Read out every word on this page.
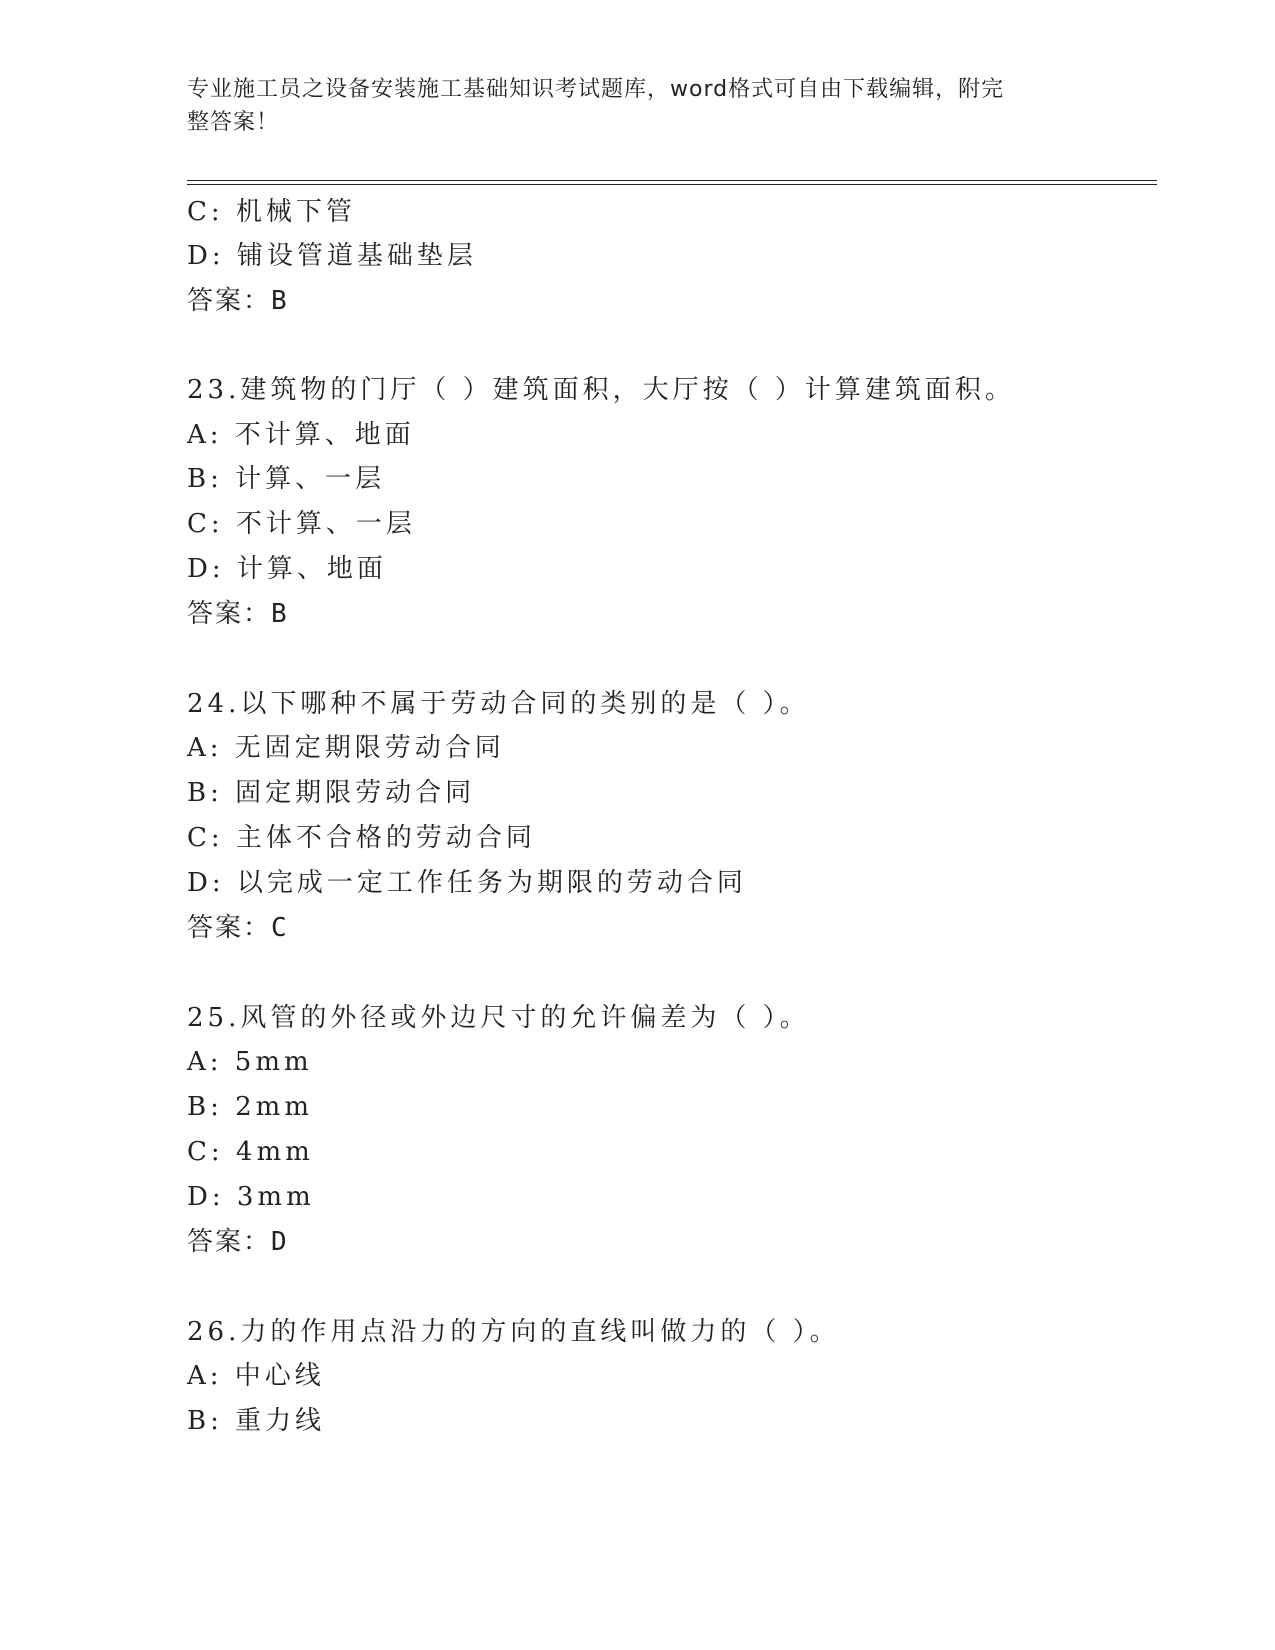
专业施工员之设备安装施工基础知识考试题库，word格式可自由下载编辑，附完
整答案！
C: 机械下管
D: 铺设管道基础垫层
答案：B
23.建筑物的门厅（ ）建筑面积，大厅按（ ）计算建筑面积。
A: 不计算、地面
B: 计算、一层
C: 不计算、一层
D: 计算、地面
答案：B
24.以下哪种不属于劳动合同的类别的是（ ）。
A: 无固定期限劳动合同
B: 固定期限劳动合同
C: 主体不合格的劳动合同
D: 以完成一定工作任务为期限的劳动合同
答案：C
25.风管的外径或外边尺寸的允许偏差为（ ）。
A: 5mm
B: 2mm
C: 4mm
D: 3mm
答案：D
26.力的作用点沿力的方向的直线叫做力的（ ）。
A: 中心线
B: 重力线
